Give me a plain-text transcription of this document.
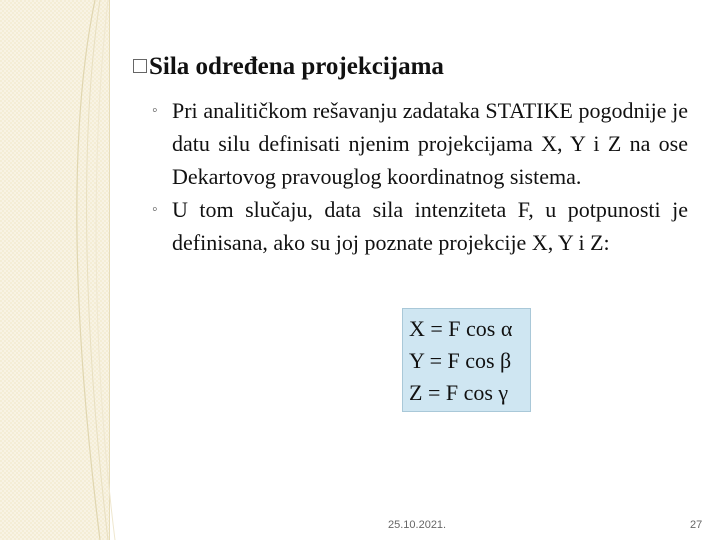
Sila određena projekcijama
◦ Pri analitičkom rešavanju zadataka STATIKE pogodnije je datu silu definisati njenim projekcijama X, Y i Z na ose Dekartovog pravouglog koordinatnog sistema.
◦ U tom slučaju, data sila intenziteta F, u potpunosti je definisana, ako su joj poznate projekcije X, Y i Z:
X = F cos α
Y = F cos β
Z = F cos γ
25.10.2021.	27
